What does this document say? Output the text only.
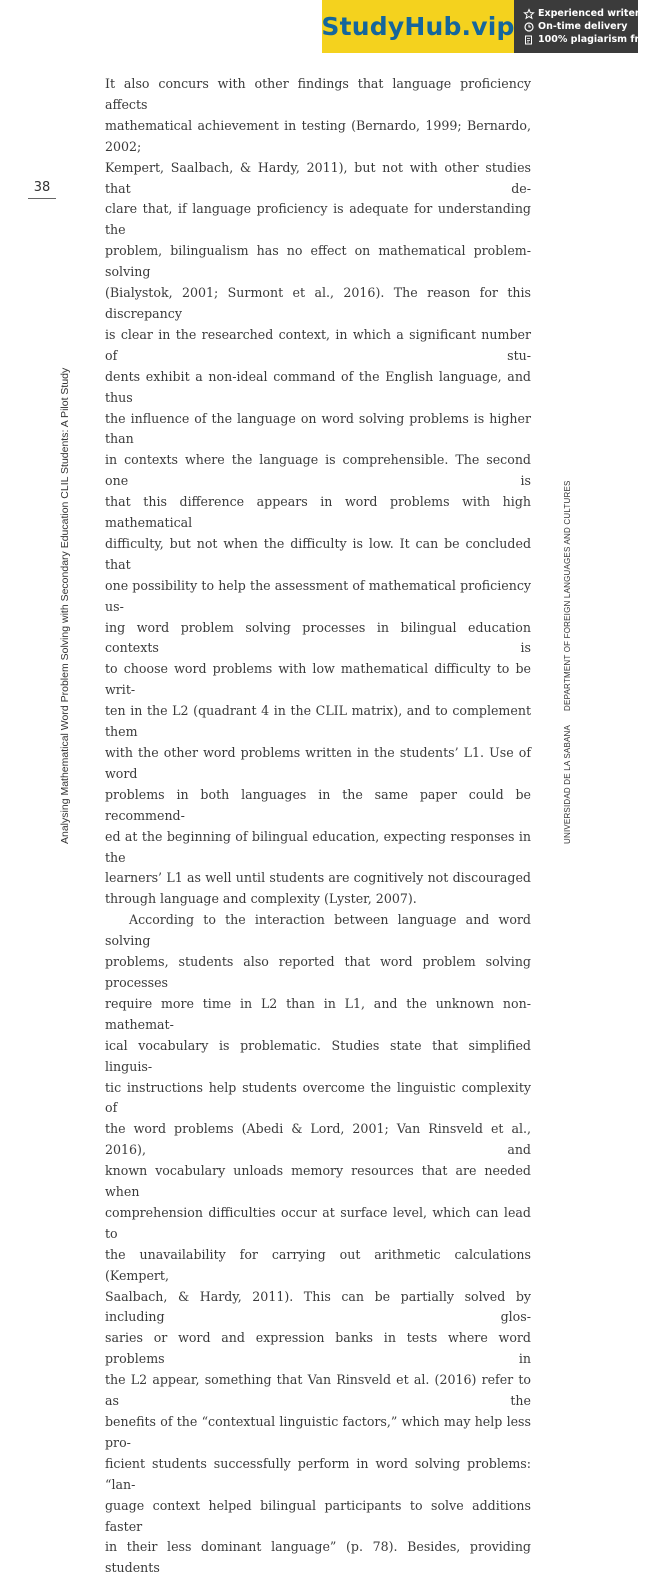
StudyHub.vip Experienced writers
On-time delivery
100% plagiarism free
38
Analysing Mathematical Word Problem Solving with Secondary Education CLIL Students: A Pilot Study	UNIVERSIDAD DE LA SABANADEPARTMENT OF FOREIGN LANGUAGES AND CULTURES

It also concurs with other findings that language proficiency affects
mathematical achievement in testing (Bernardo, 1999; Bernardo, 2002;
Kempert, Saalbach, & Hardy, 2011), but not with other studies that de-
clare that, if language proficiency is adequate for understanding the
problem, bilingualism has no effect on mathematical problem-solving
(Bialystok, 2001; Surmont et al., 2016). The reason for this discrepancy
is clear in the researched context, in which a significant number of stu-
dents exhibit a non-ideal command of the English language, and thus
the influence of the language on word solving problems is higher than
in contexts where the language is comprehensible. The second one is
that this difference appears in word problems with high mathematical
difficulty, but not when the difficulty is low. It can be concluded that
one possibility to help the assessment of mathematical proficiency us-
ing word problem solving processes in bilingual education contexts is
to choose word problems with low mathematical difficulty to be writ-
ten in the L2 (quadrant 4 in the CLIL matrix), and to complement them
with the other word problems written in the students’ L1. Use of word
problems in both languages in the same paper could be recommend-
ed at the beginning of bilingual education, expecting responses in the
learners’ L1 as well until students are cognitively not discouraged
through language and complexity (Lyster, 2007).

According to the interaction between language and word solving
problems, students also reported that word problem solving processes
require more time in L2 than in L1, and the unknown non-mathemat-
ical vocabulary is problematic. Studies state that simplified linguis-
tic instructions help students overcome the linguistic complexity of
the word problems (Abedi & Lord, 2001; Van Rinsveld et al., 2016), and
known vocabulary unloads memory resources that are needed when
comprehension difficulties occur at surface level, which can lead to
the unavailability for carrying out arithmetic calculations (Kempert,
Saalbach, & Hardy, 2011). This can be partially solved by including glos-
saries or word and expression banks in tests where word problems in
the L2 appear, something that Van Rinsveld et al. (2016) refer to as the
benefits of the “contextual linguistic factors,” which may help less pro-
ficient students successfully perform in word solving problems: “lan-
guage context helped bilingual participants to solve additions faster
in their less dominant language” (p. 78). Besides, providing students
